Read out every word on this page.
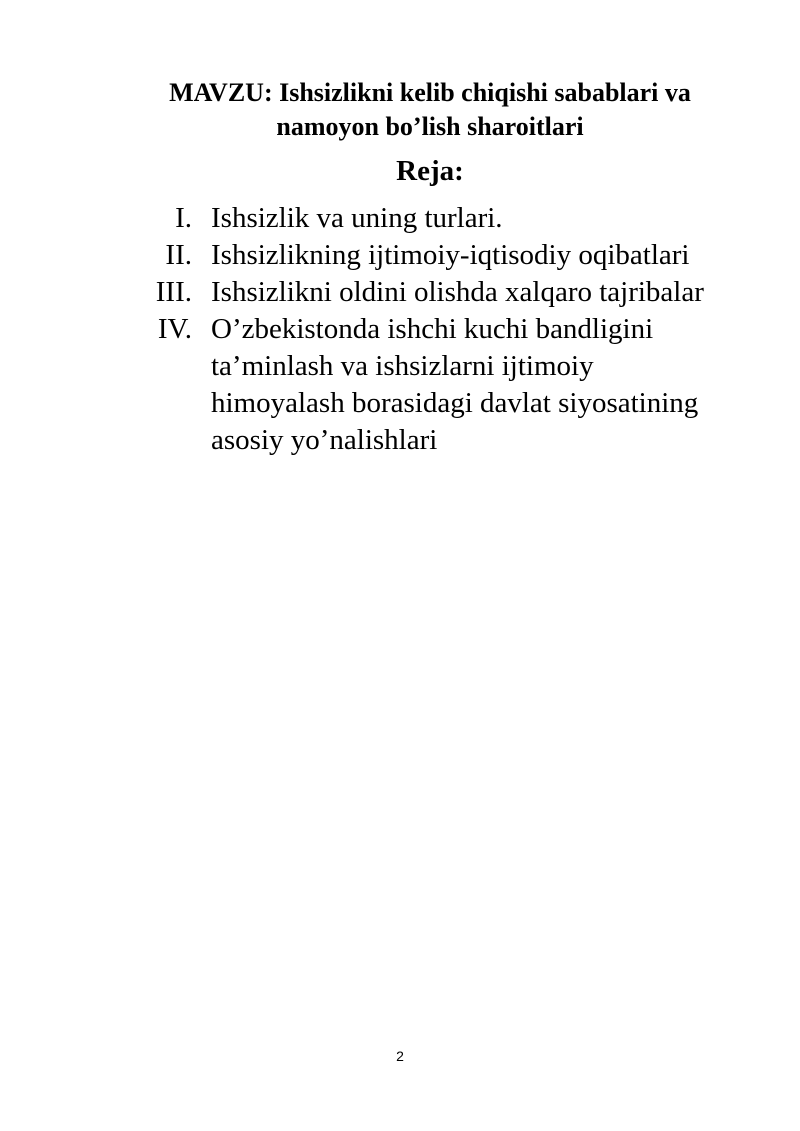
MAVZU: Ishsizlikni kelib chiqishi sabablari va
namoyon bo’lish sharoitlari
Reja:
I. Ishsizlik va uning turlari.
II. Ishsizlikning ijtimoiy-iqtisodiy oqibatlari
III. Ishsizlikni oldini olishda xalqaro tajribalar
IV. O’zbekistonda ishchi kuchi bandligini
ta’minlash va ishsizlarni ijtimoiy
himoyalash borasidagi davlat siyosatining
asosiy yo’nalishlari
2
